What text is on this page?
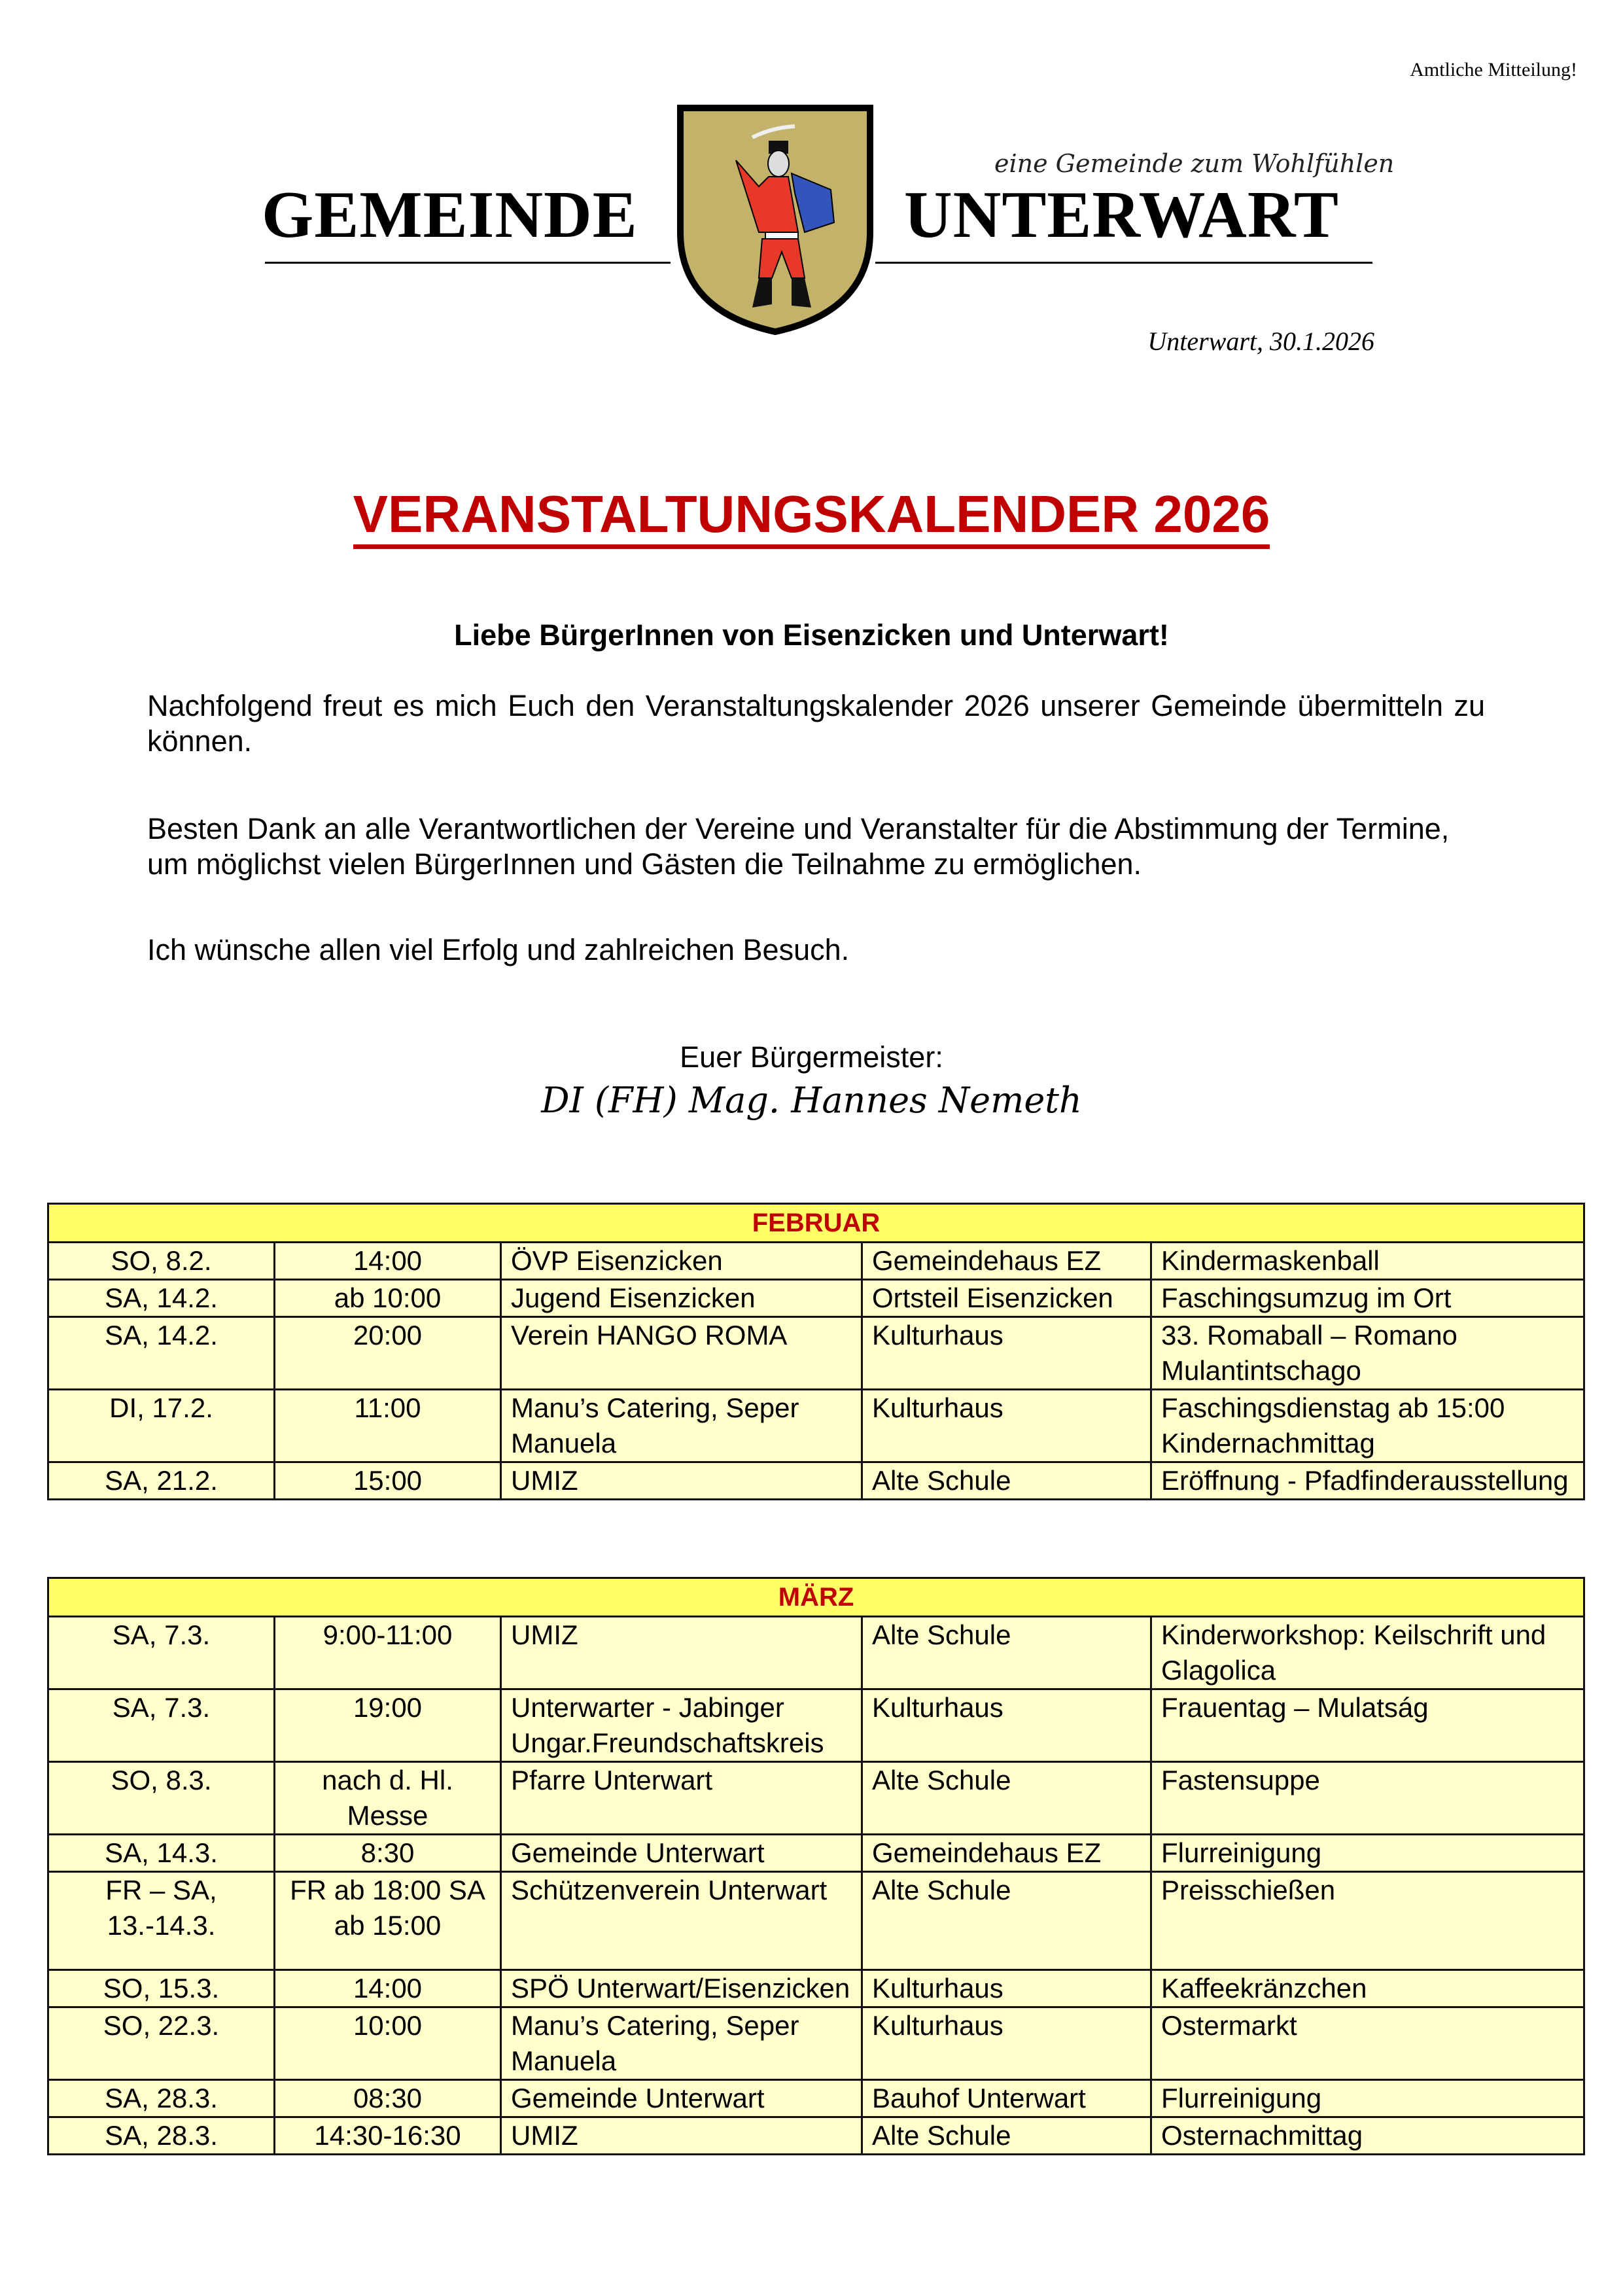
Amtliche Mitteilung!
eine Gemeinde zum Wohlfühlen
GEMEINDE	UNTERWART
Unterwart, 30.1.2026
VERANSTALTUNGSKALENDER 2026
Liebe BürgerInnen von Eisenzicken und Unterwart!
Nachfolgend freut es mich Euch den Veranstaltungskalender 2026 unserer Gemeinde übermitteln zu können.
Besten Dank an alle Verantwortlichen der Vereine und Veranstalter für die Abstimmung der Termine, um möglichst vielen BürgerInnen und Gästen die Teilnahme zu ermöglichen.
Ich wünsche allen viel Erfolg und zahlreichen Besuch.
Euer Bürgermeister:
DI (FH) Mag. Hannes Nemeth
FEBRUAR				
SO, 8.2.	14:00	ÖVP Eisenzicken	Gemeindehaus EZ	Kindermaskenball
SA, 14.2.	ab 10:00	Jugend Eisenzicken	Ortsteil Eisenzicken	Faschingsumzug im Ort
SA, 14.2.	20:00	Verein HANGO ROMA	Kulturhaus	33. Romaball – Romano Mulantintschago
DI, 17.2.	11:00	Manu’s Catering, Seper Manuela	Kulturhaus	Faschingsdienstag ab 15:00 Kindernachmittag
SA, 21.2.	15:00	UMIZ	Alte Schule	Eröffnung - Pfadfinderausstellung
MÄRZ				
SA, 7.3.	9:00-11:00	UMIZ	Alte Schule	Kinderworkshop: Keilschrift und Glagolica
SA, 7.3.	19:00	Unterwarter - Jabinger Ungar.Freundschaftskreis	Kulturhaus	Frauentag – Mulatság
SO, 8.3.	nach d. Hl. Messe	Pfarre Unterwart	Alte Schule	Fastensuppe
SA, 14.3.	8:30	Gemeinde Unterwart	Gemeindehaus EZ	Flurreinigung
FR – SA, 13.-14.3.	FR ab 18:00 SA ab 15:00	Schützenverein Unterwart	Alte Schule	Preisschießen
SO, 15.3.	14:00	SPÖ Unterwart/Eisenzicken	Kulturhaus	Kaffeekränzchen
SO, 22.3.	10:00	Manu’s Catering, Seper Manuela	Kulturhaus	Ostermarkt
SA, 28.3.	08:30	Gemeinde Unterwart	Bauhof Unterwart	Flurreinigung
SA, 28.3.	14:30-16:30	UMIZ	Alte Schule	Osternachmittag
